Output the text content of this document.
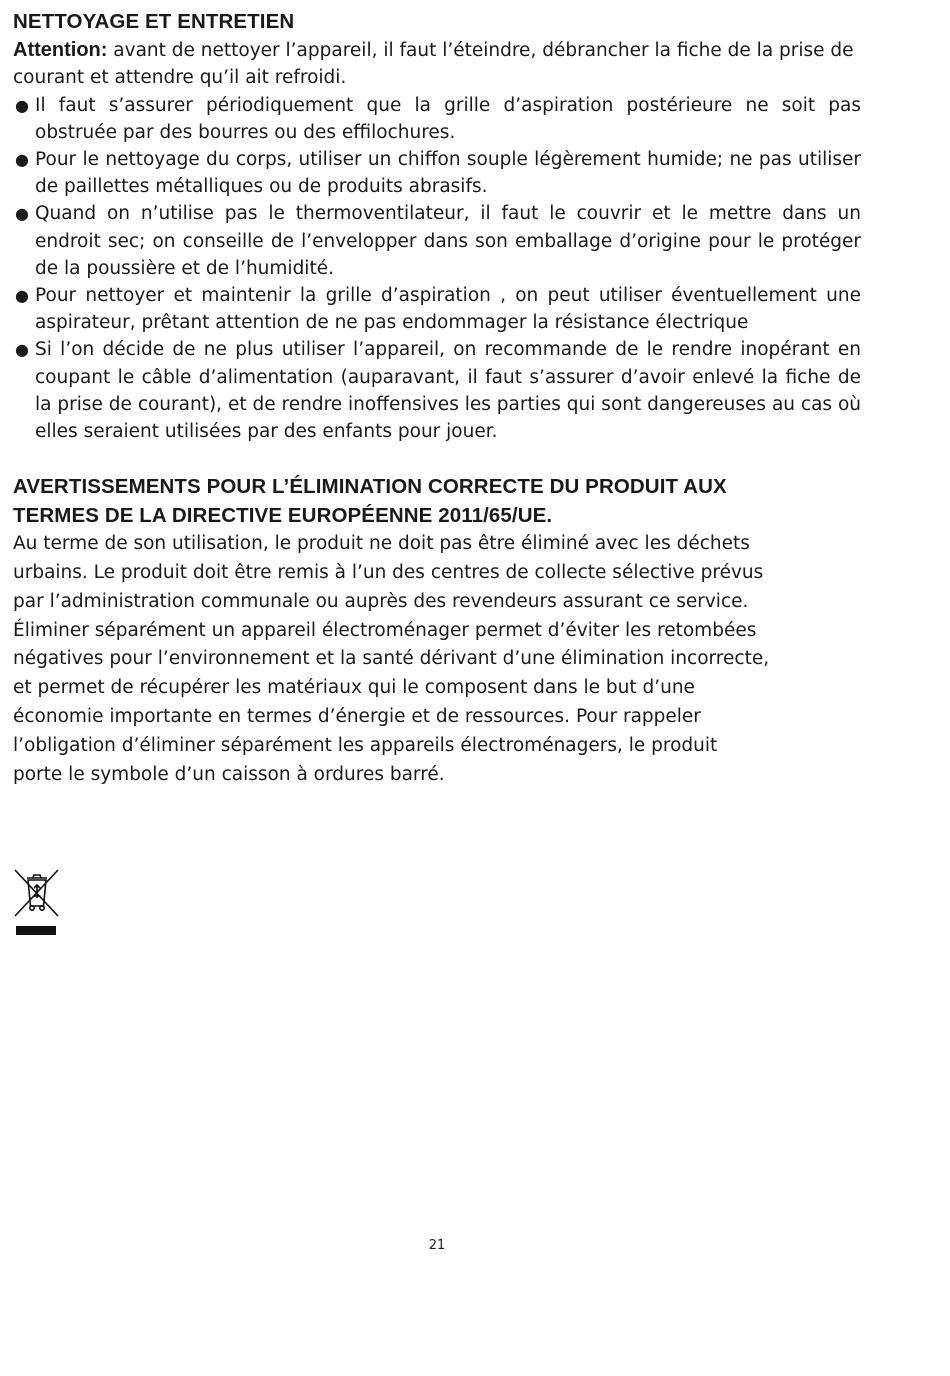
NETTOYAGE ET ENTRETIEN

Attention: avant de nettoyer l’appareil, il faut l’éteindre, débrancher la fiche de la prise de courant et attendre qu’il ait refroidi.

● Il faut s’assurer périodiquement que la grille d’aspiration postérieure ne soit pas obstruée par des bourres ou des effilochures.
● Pour le nettoyage du corps, utiliser un chiffon souple légèrement humide; ne pas utiliser de paillettes métalliques ou de produits abrasifs.
● Quand on n’utilise pas le thermoventilateur, il faut le couvrir et le mettre dans un endroit sec; on conseille de l’envelopper dans son emballage d’origine pour le protéger de la poussière et de l’humidité.
● Pour nettoyer et maintenir la grille d’aspiration , on peut utiliser éventuellement une aspirateur, prêtant attention de ne pas endommager la résistance électrique
● Si l’on décide de ne plus utiliser l’appareil, on recommande de le rendre inopérant en coupant le câble d’alimentation (auparavant, il faut s’assurer d’avoir enlevé la fiche de la prise de courant), et de rendre inoffensives les parties qui sont dangereuses au cas où elles seraient utilisées par des enfants pour jouer.
AVERTISSEMENTS POUR L’ÉLIMINATION CORRECTE DU PRODUIT AUX
TERMES DE LA DIRECTIVE EUROPÉENNE 2011/65/UE.

Au terme de son utilisation, le produit ne doit pas être éliminé avec les déchets
urbains. Le produit doit être remis à l’un des centres de collecte sélective prévus
par l’administration communale ou auprès des revendeurs assurant ce service.
Éliminer séparément un appareil électroménager permet d’éviter les retombées
négatives pour l’environnement et la santé dérivant d’une élimination incorrecte,
et permet de récupérer les matériaux qui le composent dans le but d’une
économie importante en termes d’énergie et de ressources. Pour rappeler
l’obligation d’éliminer séparément les appareils électroménagers, le produit
porte le symbole d’un caisson à ordures barré.

21
